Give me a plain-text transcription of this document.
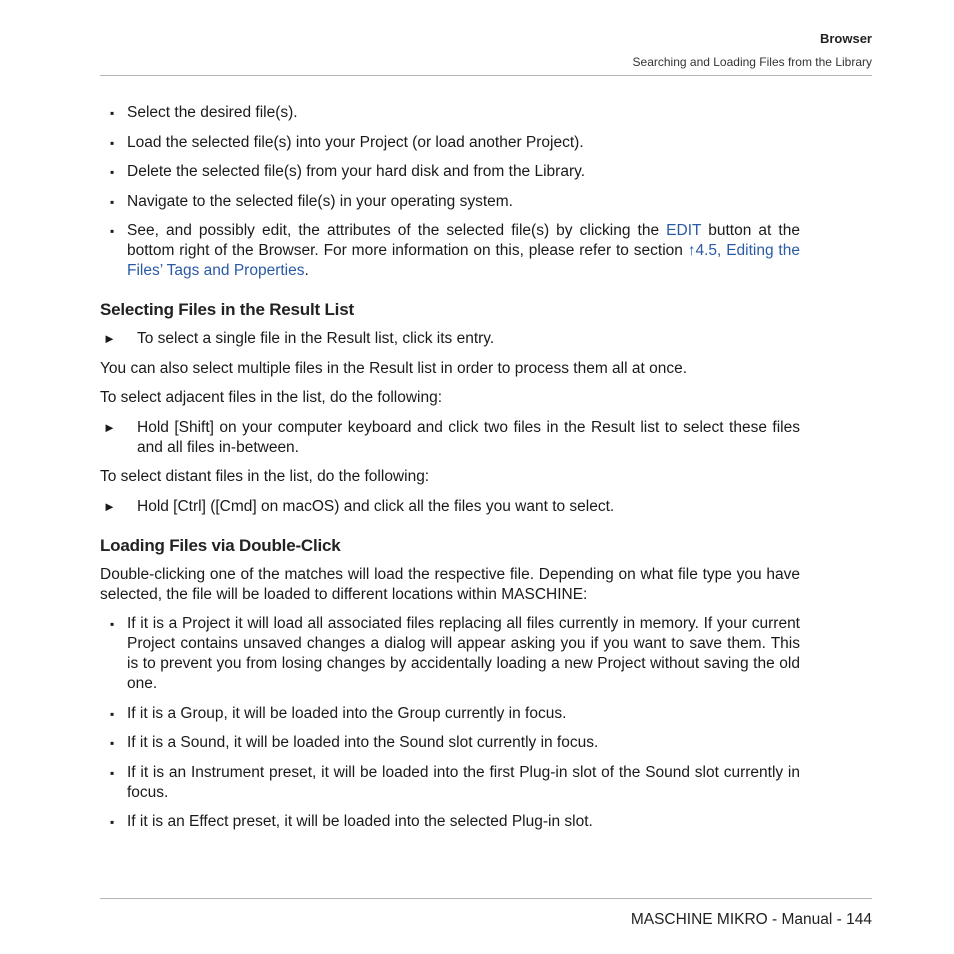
Browser
Searching and Loading Files from the Library
▪ Select the desired file(s).
▪ Load the selected file(s) into your Project (or load another Project).
▪ Delete the selected file(s) from your hard disk and from the Library.
▪ Navigate to the selected file(s) in your operating system.
▪ See, and possibly edit, the attributes of the selected file(s) by clicking the EDIT button at the bottom right of the Browser. For more information on this, please refer to section ↑4.5, Editing the Files’ Tags and Properties.
Selecting Files in the Result List
► To select a single file in the Result list, click its entry.

You can also select multiple files in the Result list in order to process them all at once.

To select adjacent files in the list, do the following:

► Hold [Shift] on your computer keyboard and click two files in the Result list to select these files and all files in-between.

To select distant files in the list, do the following:

► Hold [Ctrl] ([Cmd] on macOS) and click all the files you want to select.
Loading Files via Double-Click

Double-clicking one of the matches will load the respective file. Depending on what file type you have selected, the file will be loaded to different locations within MASCHINE:

▪ If it is a Project it will load all associated files replacing all files currently in memory. If your current Project contains unsaved changes a dialog will appear asking you if you want to save them. This is to prevent you from losing changes by accidentally loading a new Project without saving the old one.
▪ If it is a Group, it will be loaded into the Group currently in focus.
▪ If it is a Sound, it will be loaded into the Sound slot currently in focus.
▪ If it is an Instrument preset, it will be loaded into the first Plug-in slot of the Sound slot currently in focus.
▪ If it is an Effect preset, it will be loaded into the selected Plug-in slot.
MASCHINE MIKRO - Manual - 144
